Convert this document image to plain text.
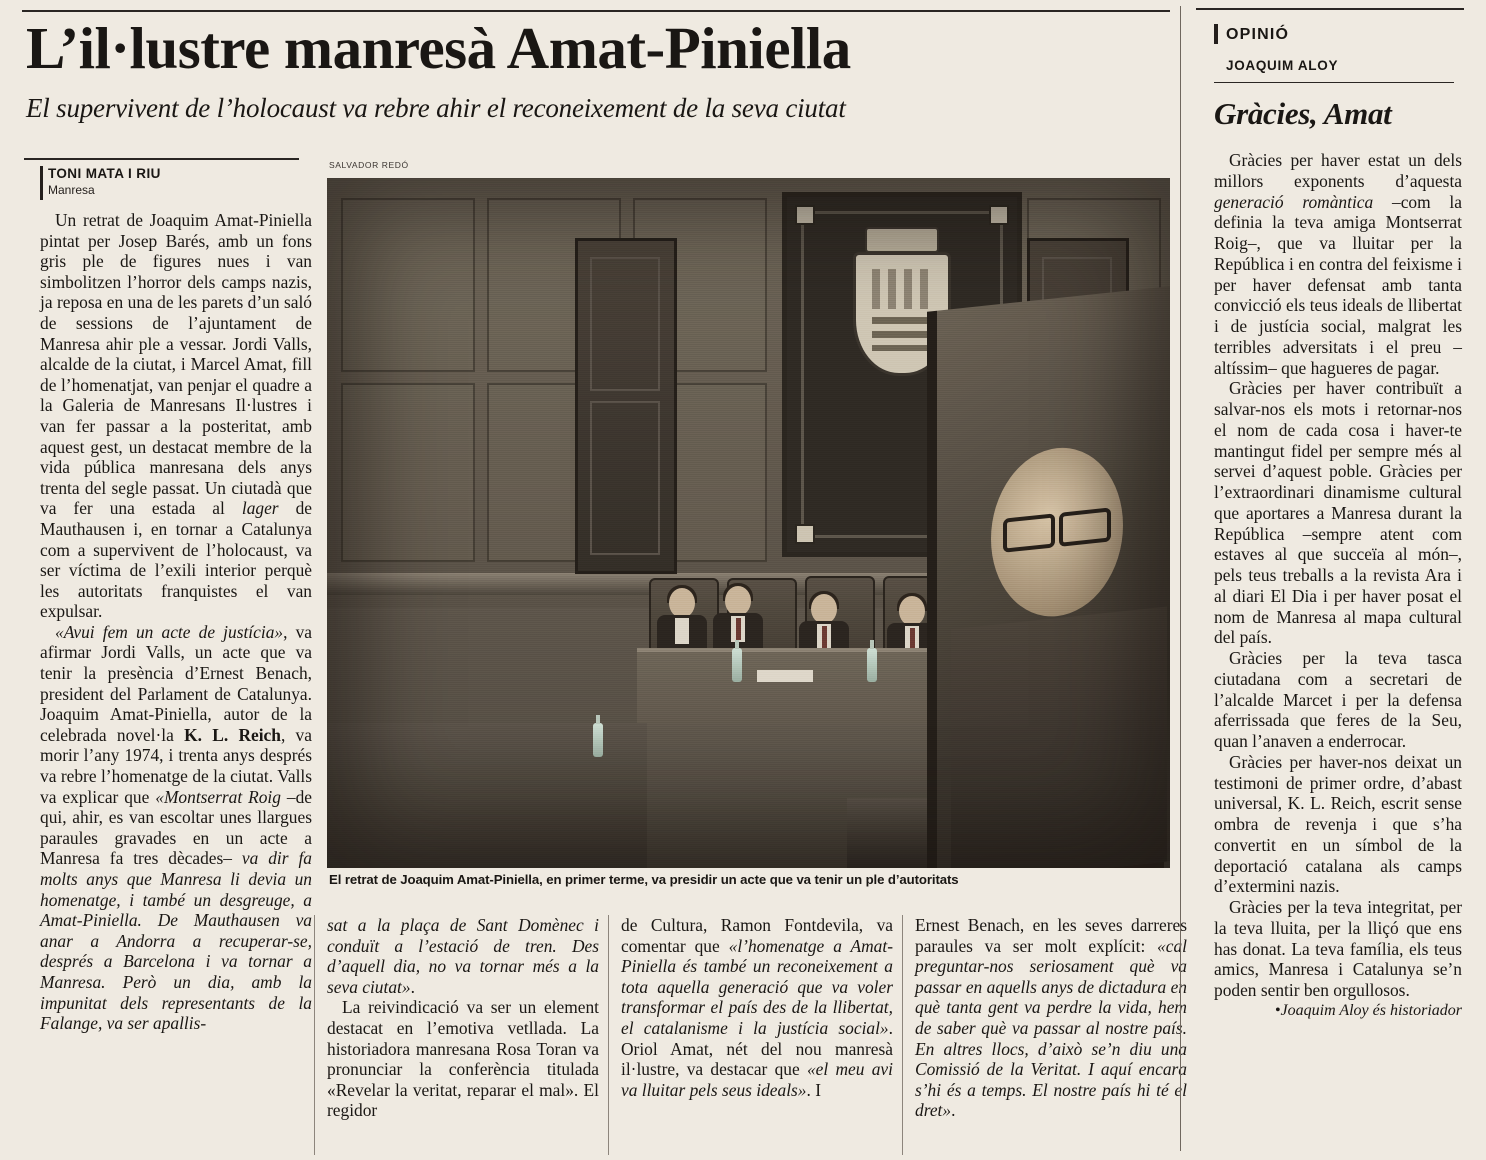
L’il·lustre manresà Amat-Piniella
El supervivent de l’holocaust va rebre ahir el reconeixement de la seva ciutat
TONI MATA I RIU
Manresa

Un retrat de Joaquim Amat-Piniella pintat per Josep Barés, amb un fons gris ple de figures nues i van simbolitzen l’horror dels camps nazis, ja reposa en una de les parets d’un saló de sessions de l’ajuntament de Manresa ahir ple a vessar. Jordi Valls, alcalde de la ciutat, i Marcel Amat, fill de l’homenatjat, van penjar el quadre a la Galeria de Manresans Il·lustres i van fer passar a la posteritat, amb aquest gest, un destacat membre de la vida pública manresana dels anys trenta del segle passat. Un ciutadà que va fer una estada al lager de Mauthausen i, en tornar a Catalunya com a supervivent de l’holocaust, va ser víctima de l’exili interior perquè les autoritats franquistes el van expulsar.

«Avui fem un acte de justícia», va afirmar Jordi Valls, un acte que va tenir la presència d’Ernest Benach, president del Parlament de Catalunya. Joaquim Amat-Piniella, autor de la celebrada novel·la K. L. Reich, va morir l’any 1974, i trenta anys després va rebre l’homenatge de la ciutat. Valls va explicar que «Montserrat Roig –de qui, ahir, es van escoltar unes llargues paraules gravades en un acte a Manresa fa tres dècades– va dir fa molts anys que Manresa li devia un homenatge, i també un desgreuge, a Amat-Piniella. De Mauthausen va anar a Andorra a recuperar-se, després a Barcelona i va tornar a Manresa. Però un dia, amb la impunitat dels representants de la Falange, va ser apallis-

SALVADOR REDÓ
El retrat de Joaquim Amat-Piniella, en primer terme, va presidir un acte que va tenir un ple d’autoritats

sat a la plaça de Sant Domènec i conduït a l’estació de tren. Des d’aquell dia, no va tornar més a la seva ciutat».

La reivindicació va ser un element destacat en l’emotiva vetllada. La historiadora manresana Rosa Toran va pronunciar la conferència titulada «Revelar la veritat, reparar el mal». El regidor

de Cultura, Ramon Fontdevila, va comentar que «l’homenatge a Amat-Piniella és també un reconeixement a tota aquella generació que va voler transformar el país des de la llibertat, el catalanisme i la justícia social». Oriol Amat, nét del nou manresà il·lustre, va destacar que «el meu avi va lluitar pels seus ideals». I

Ernest Benach, en les seves darreres paraules va ser molt explícit: «cal preguntar-nos seriosament què va passar en aquells anys de dictadura en què tanta gent va perdre la vida, hem de saber què va passar al nostre país. En altres llocs, d’això se’n diu una Comissió de la Veritat. I aquí encara s’hi és a temps. El nostre país hi té el dret».

OPINIÓ
JOAQUIM ALOY
Gràcies, Amat

Gràcies per haver estat un dels millors exponents d’aquesta generació romàntica –com la definia la teva amiga Montserrat Roig–, que va lluitar per la República i en contra del feixisme i per haver defensat amb tanta convicció els teus ideals de llibertat i de justícia social, malgrat les terribles adversitats i el preu –altíssim– que hagueres de pagar.

Gràcies per haver contribuït a salvar-nos els mots i retornar-nos el nom de cada cosa i haver-te mantingut fidel per sempre més al servei d’aquest poble. Gràcies per l’extraordinari dinamisme cultural que aportares a Manresa durant la República –sempre atent com estaves al que succeïa al món–, pels teus treballs a la revista Ara i al diari El Dia i per haver posat el nom de Manresa al mapa cultural del país.

Gràcies per la teva tasca ciutadana com a secretari de l’alcalde Marcet i per la defensa aferrissada que feres de la Seu, quan l’anaven a enderrocar.

Gràcies per haver-nos deixat un testimoni de primer ordre, d’abast universal, K. L. Reich, escrit sense ombra de revenja i que s’ha convertit en un símbol de la deportació catalana als camps d’extermini nazis.

Gràcies per la teva integritat, per la teva lluita, per la lliçó que ens has donat. La teva família, els teus amics, Manresa i Catalunya se’n poden sentir ben orgullosos.

•Joaquim Aloy és historiador
